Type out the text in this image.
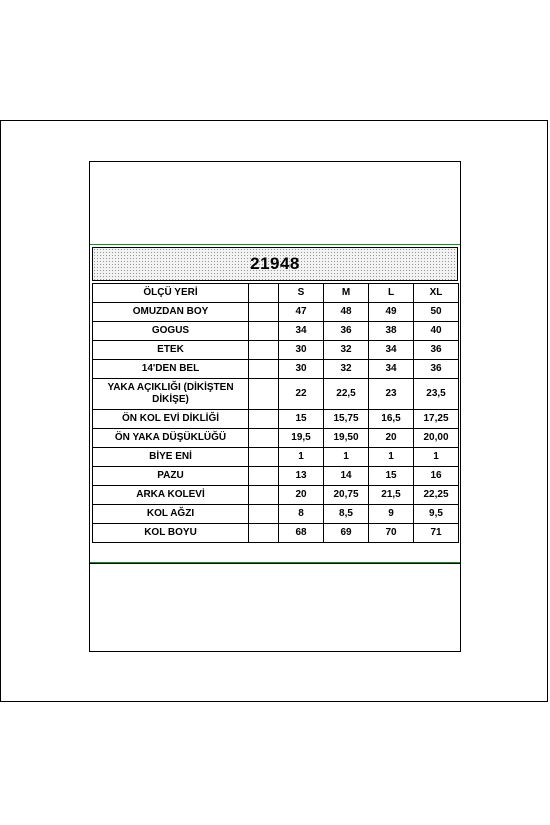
21948
ÖLÇÜ YERİ		S	M	L	XL
OMUZDAN BOY		47	48	49	50
GOGUS		34	36	38	40
ETEK		30	32	34	36
14'DEN BEL		30	32	34	36
YAKA AÇIKLIĞI (DİKİŞTEN DİKİŞE)		22	22,5	23	23,5
ÖN KOL EVİ DİKLİĞİ		15	15,75	16,5	17,25
ÖN YAKA DÜŞÜKLÜĞÜ		19,5	19,50	20	20,00
BİYE ENİ		1	1	1	1
PAZU		13	14	15	16
ARKA KOLEVİ		20	20,75	21,5	22,25
KOL AĞZI		8	8,5	9	9,5
KOL BOYU		68	69	70	71
